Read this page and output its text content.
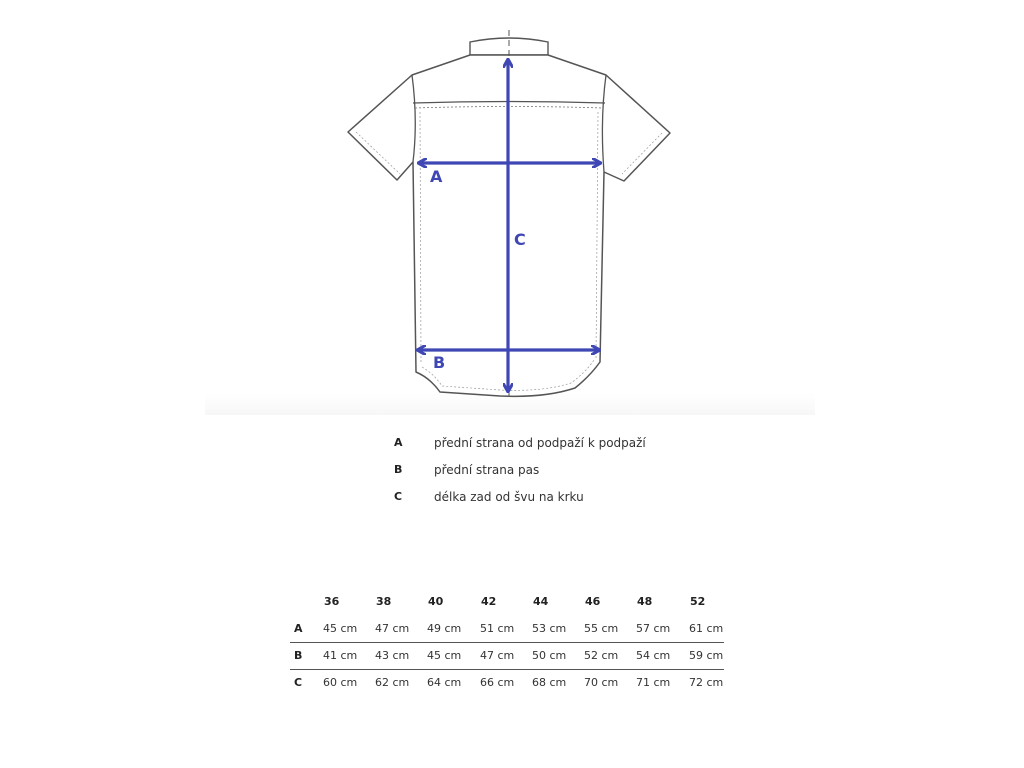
A
B
C
A	přední strana od podpaží k podpaží
B	přední strana pas
C	délka zad od švu na krku
36	38	40	42	44	46	48	52
A 45 cm 47 cm 49 cm 51 cm 53 cm 55 cm 57 cm 61 cm
B 41 cm 43 cm 45 cm 47 cm 50 cm 52 cm 54 cm 59 cm
C 60 cm 62 cm 64 cm 66 cm 68 cm 70 cm 71 cm 72 cm
